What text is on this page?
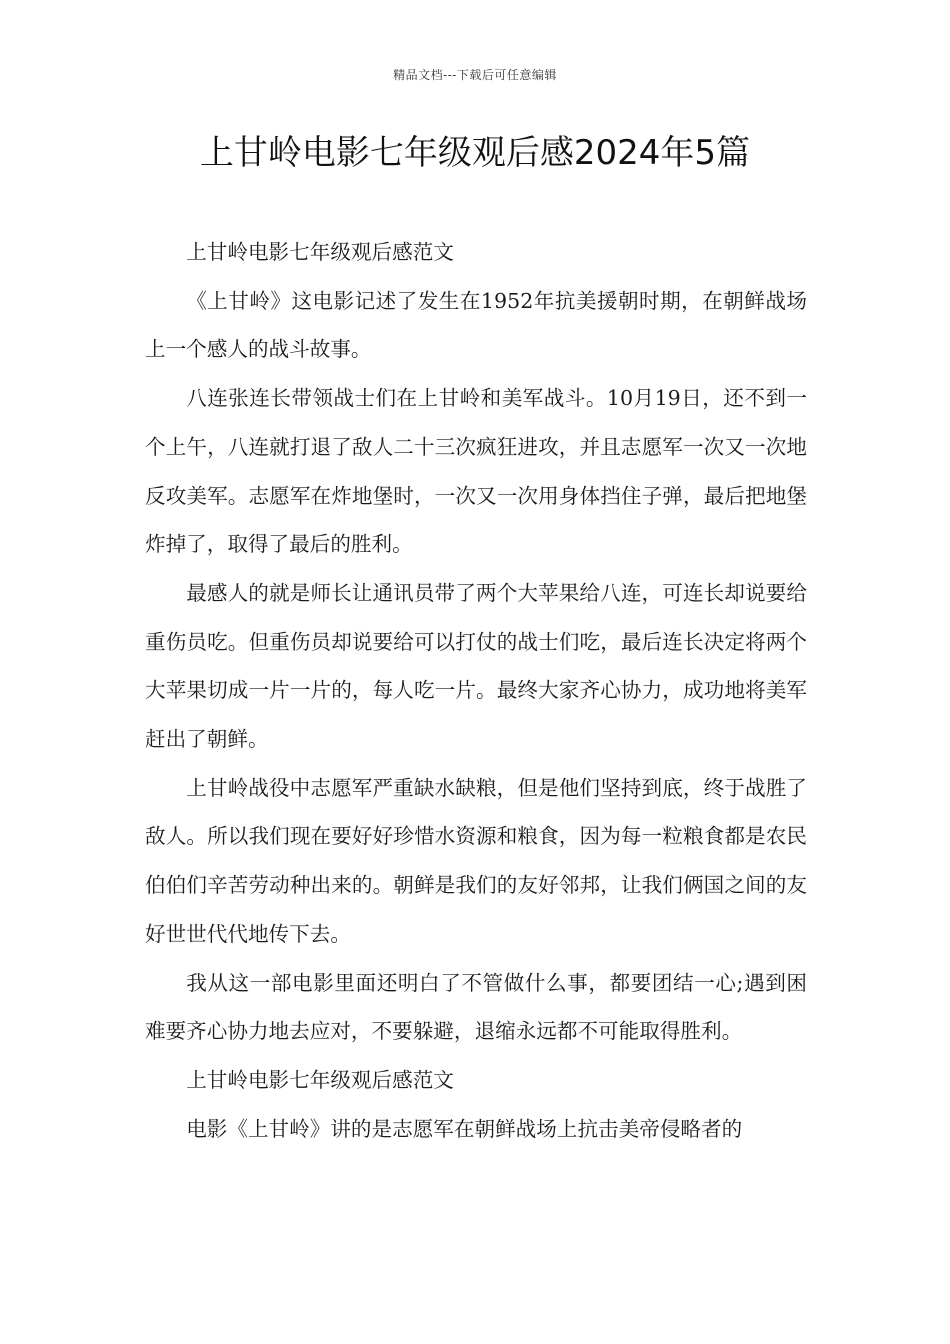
精品文档---下载后可任意编辑
上甘岭电影七年级观后感2024年5篇

上甘岭电影七年级观后感范文

《上甘岭》这电影记述了发生在1952年抗美援朝时期，在朝鲜战场上一个感人的战斗故事。

八连张连长带领战士们在上甘岭和美军战斗。10月19日，还不到一个上午，八连就打退了敌人二十三次疯狂进攻，并且志愿军一次又一次地反攻美军。志愿军在炸地堡时，一次又一次用身体挡住子弹，最后把地堡炸掉了，取得了最后的胜利。

最感人的就是师长让通讯员带了两个大苹果给八连，可连长却说要给重伤员吃。但重伤员却说要给可以打仗的战士们吃，最后连长决定将两个大苹果切成一片一片的，每人吃一片。最终大家齐心协力，成功地将美军赶出了朝鲜。

上甘岭战役中志愿军严重缺水缺粮，但是他们坚持到底，终于战胜了敌人。所以我们现在要好好珍惜水资源和粮食，因为每一粒粮食都是农民伯伯们辛苦劳动种出来的。朝鲜是我们的友好邻邦，让我们俩国之间的友好世世代代地传下去。

我从这一部电影里面还明白了不管做什么事，都要团结一心;遇到困难要齐心协力地去应对，不要躲避，退缩永远都不可能取得胜利。

上甘岭电影七年级观后感范文

电影《上甘岭》讲的是志愿军在朝鲜战场上抗击美帝侵略者的
